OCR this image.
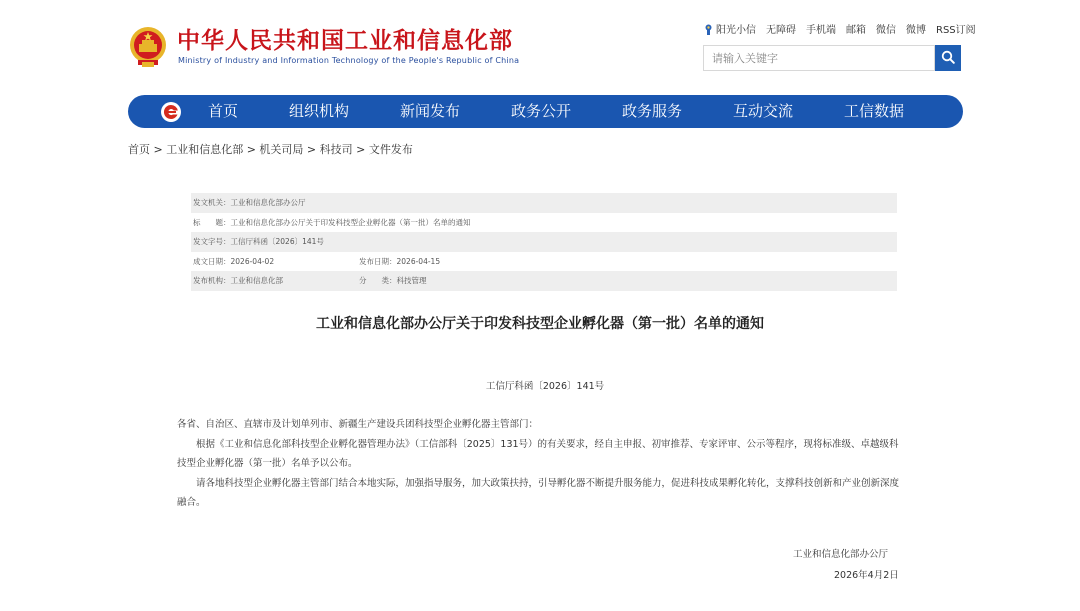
中华人民共和国工业和信息化部
Ministry of Industry and Information Technology of the People's Republic of China
阳光小信 无障碍 手机端 邮箱 微信 微博 RSS订阅
请输入关键字
首页	组织机构	新闻发布	政务公开	政务服务	互动交流	工信数据
首页 > 工业和信息化部 > 机关司局 > 科技司 > 文件发布
发文机关：工业和信息化部办公厅
标　　题：工业和信息化部办公厅关于印发科技型企业孵化器（第一批）名单的通知
发文字号：工信厅科函〔2026〕141号
成文日期：2026-04-02	发布日期：2026-04-15
发布机构：工业和信息化部	分　　类：科技管理
工业和信息化部办公厅关于印发科技型企业孵化器（第一批）名单的通知
工信厅科函〔2026〕141号

各省、自治区、直辖市及计划单列市、新疆生产建设兵团科技型企业孵化器主管部门：

根据《工业和信息化部科技型企业孵化器管理办法》（工信部科〔2025〕131号）的有关要求，经自主申报、初审推荐、专家评审、公示等程序，现将标准级、卓越级科技型企业孵化器（第一批）名单予以公布。

请各地科技型企业孵化器主管部门结合本地实际，加强指导服务，加大政策扶持，引导孵化器不断提升服务能力，促进科技成果孵化转化，支撑科技创新和产业创新深度融合。

工业和信息化部办公厅
2026年4月2日
